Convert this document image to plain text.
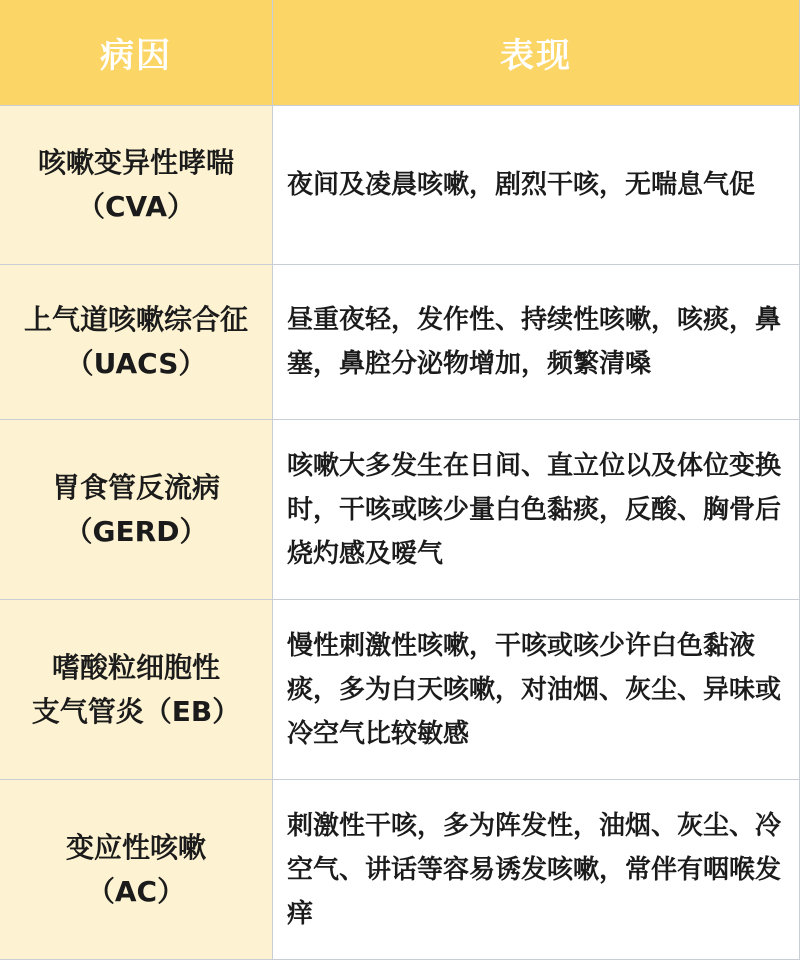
病因	表现
咳嗽变异性哮喘
（CVA）
夜间及凌晨咳嗽，剧烈干咳，无喘息气促
上气道咳嗽综合征
（UACS）
昼重夜轻，发作性、持续性咳嗽，咳痰，鼻塞，鼻腔分泌物增加，频繁清嗓
胃食管反流病
（GERD）
咳嗽大多发生在日间、直立位以及体位变换时，干咳或咳少量白色黏痰，反酸、胸骨后烧灼感及嗳气
嗜酸粒细胞性
支气管炎（EB）
慢性刺激性咳嗽，干咳或咳少许白色黏液痰，多为白天咳嗽，对油烟、灰尘、异味或冷空气比较敏感
变应性咳嗽
（AC）
刺激性干咳，多为阵发性，油烟、灰尘、冷空气、讲话等容易诱发咳嗽，常伴有咽喉发痒
